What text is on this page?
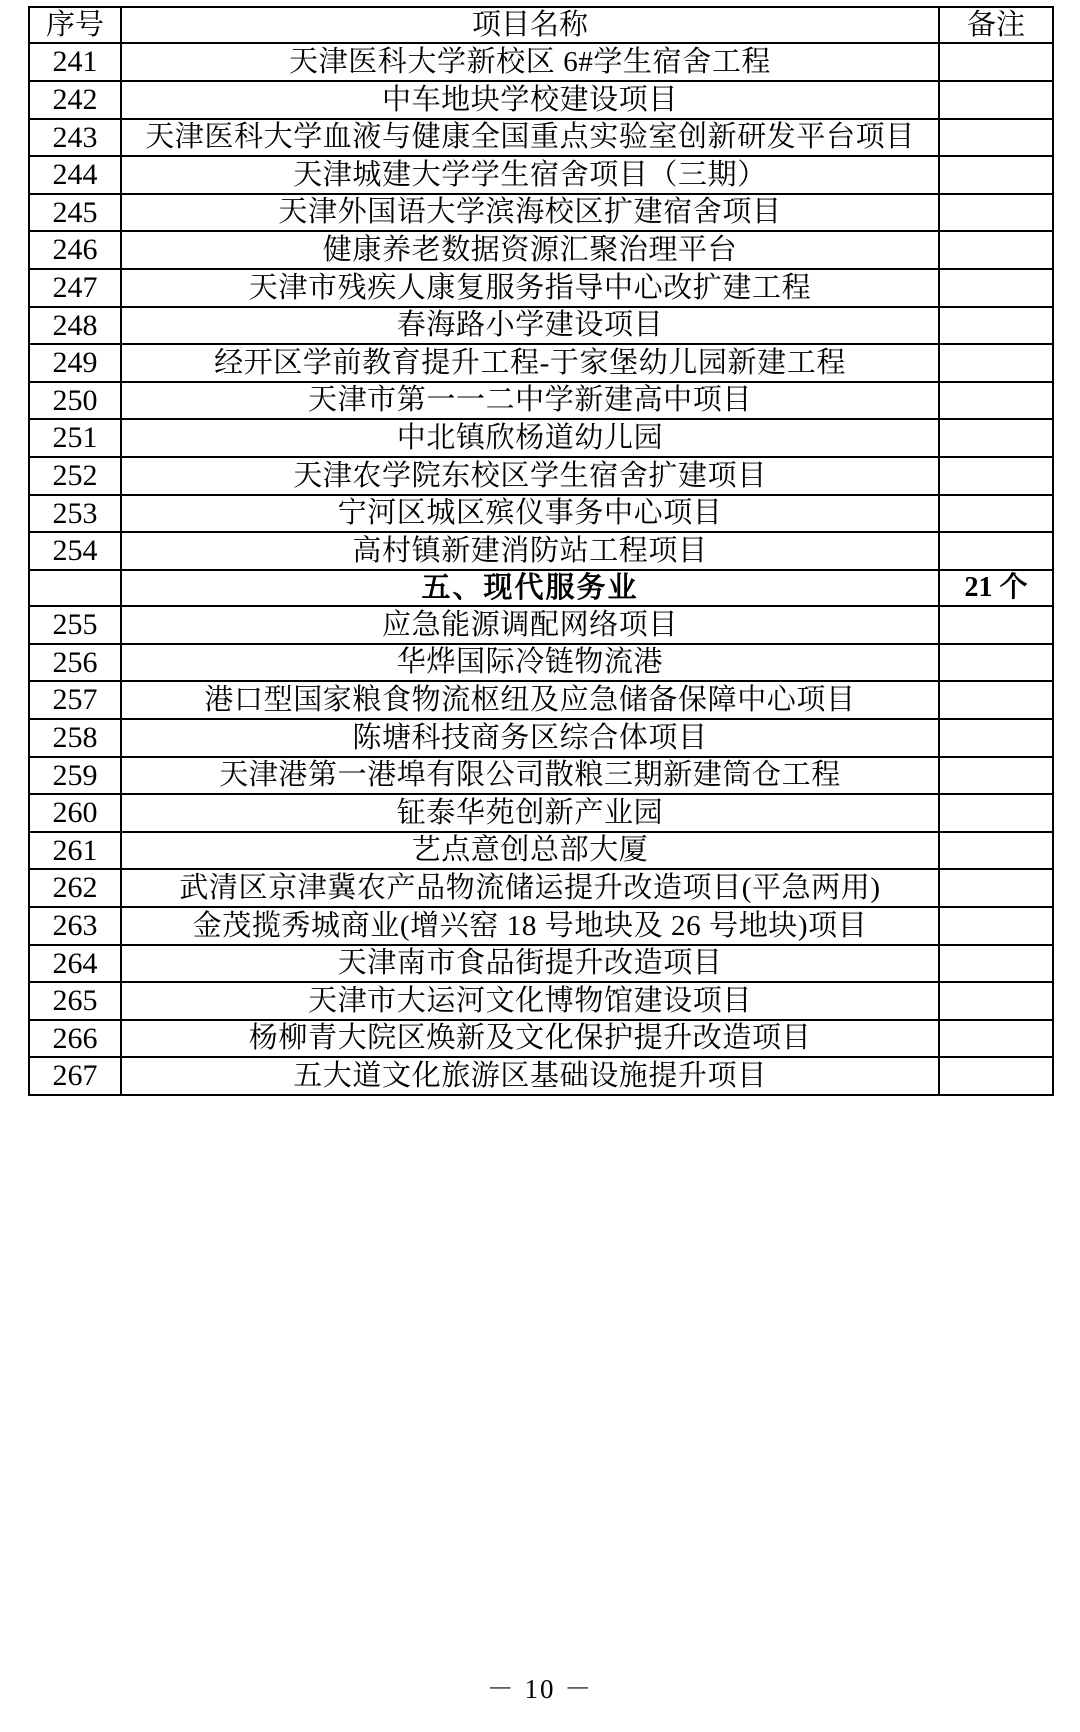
序号	项目名称	备注
241	天津医科大学新校区 6#学生宿舍工程	
242	中车地块学校建设项目	
243	天津医科大学血液与健康全国重点实验室创新研发平台项目	
244	天津城建大学学生宿舍项目（三期）	
245	天津外国语大学滨海校区扩建宿舍项目	
246	健康养老数据资源汇聚治理平台	
247	天津市残疾人康复服务指导中心改扩建工程	
248	春海路小学建设项目	
249	经开区学前教育提升工程-于家堡幼儿园新建工程	
250	天津市第一一二中学新建高中项目	
251	中北镇欣杨道幼儿园	
252	天津农学院东校区学生宿舍扩建项目	
253	宁河区城区殡仪事务中心项目	
254	高村镇新建消防站工程项目	
	五、现代服务业	21 个
255	应急能源调配网络项目	
256	华烨国际冷链物流港	
257	港口型国家粮食物流枢纽及应急储备保障中心项目	
258	陈塘科技商务区综合体项目	
259	天津港第一港埠有限公司散粮三期新建筒仓工程	
260	钲泰华苑创新产业园	
261	艺点意创总部大厦	
262	武清区京津冀农产品物流储运提升改造项目(平急两用)	
263	金茂揽秀城商业(增兴窑 18 号地块及 26 号地块)项目	
264	天津南市食品街提升改造项目	
265	天津市大运河文化博物馆建设项目	
266	杨柳青大院区焕新及文化保护提升改造项目	
267	五大道文化旅游区基础设施提升项目	
－ 10 －
